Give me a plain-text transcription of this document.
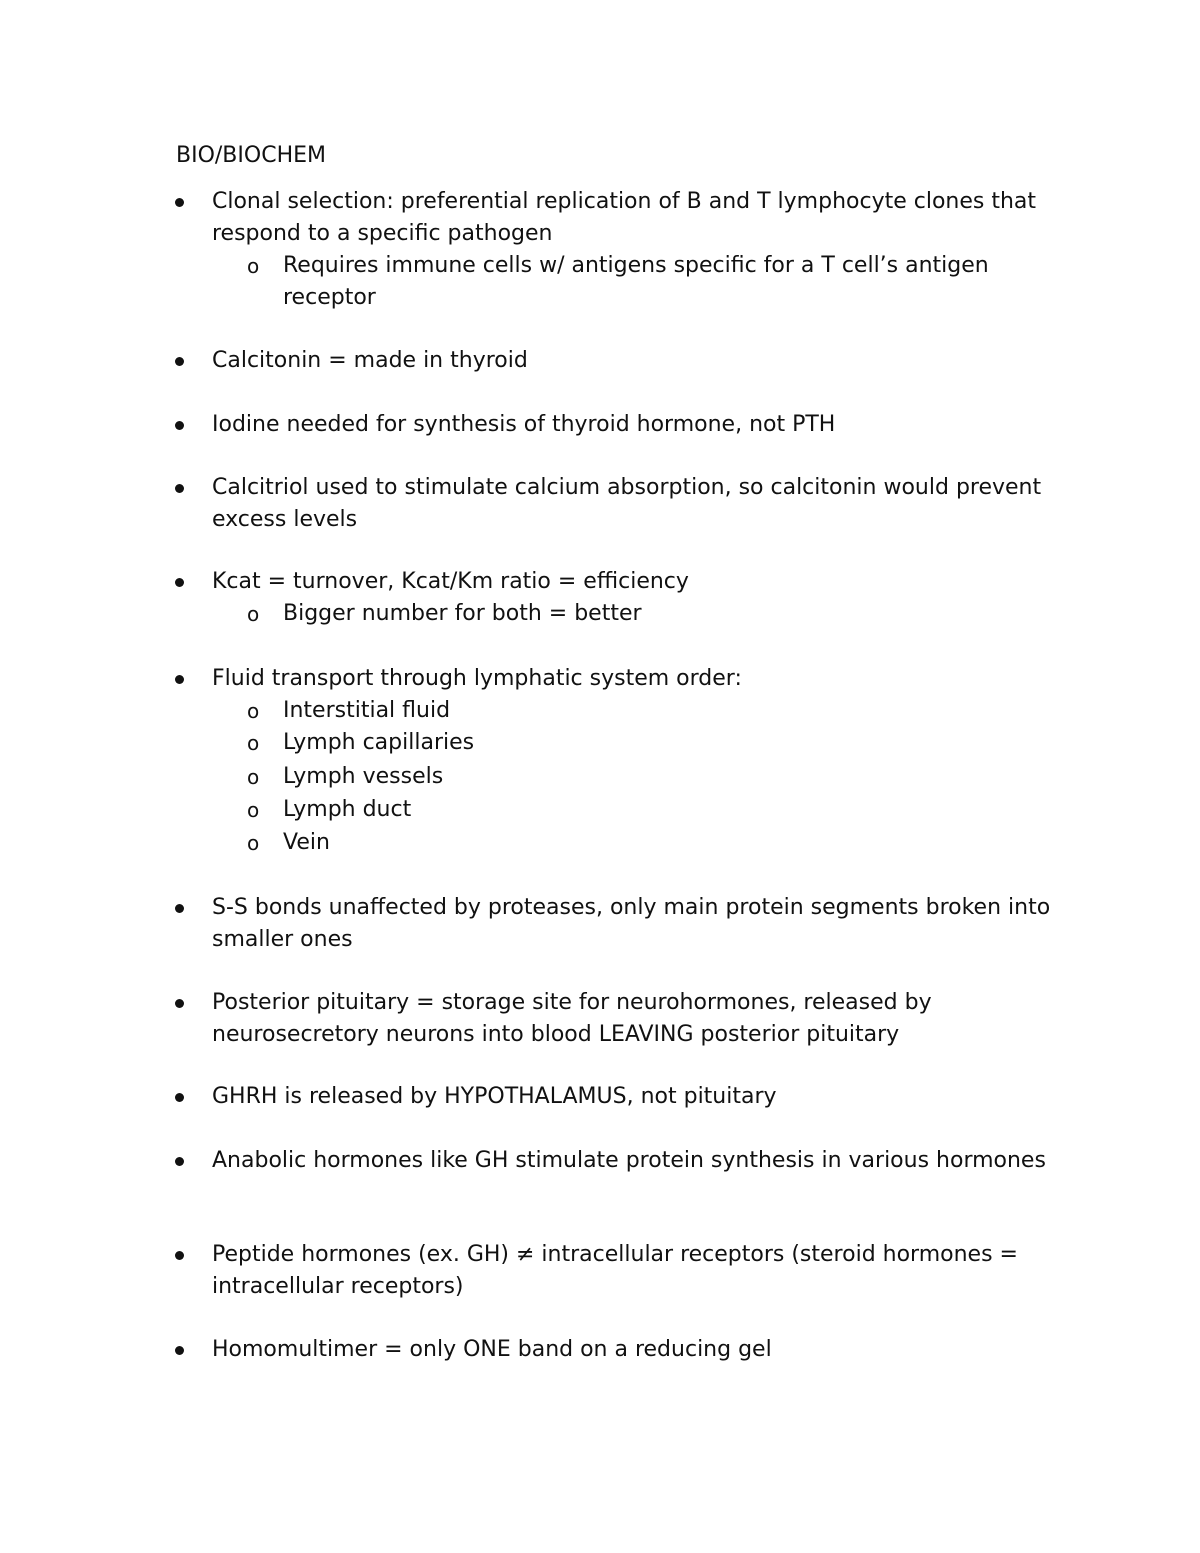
BIO/BIOCHEM
Clonal selection: preferential replication of B and T lymphocyte clones that respond to a specific pathogen
o Requires immune cells w/ antigens specific for a T cell’s antigen receptor
Calcitonin = made in thyroid
Iodine needed for synthesis of thyroid hormone, not PTH
Calcitriol used to stimulate calcium absorption, so calcitonin would prevent excess levels
Kcat = turnover, Kcat/Km ratio = efficiency
o Bigger number for both = better
Fluid transport through lymphatic system order:
o Interstitial fluid
o Lymph capillaries
o Lymph vessels
o Lymph duct
o Vein
S-S bonds unaffected by proteases, only main protein segments broken into smaller ones
Posterior pituitary = storage site for neurohormones, released by neurosecretory neurons into blood LEAVING posterior pituitary
GHRH is released by HYPOTHALAMUS, not pituitary
Anabolic hormones like GH stimulate protein synthesis in various hormones
Peptide hormones (ex. GH) ≠ intracellular receptors (steroid hormones = intracellular receptors)
Homomultimer = only ONE band on a reducing gel
